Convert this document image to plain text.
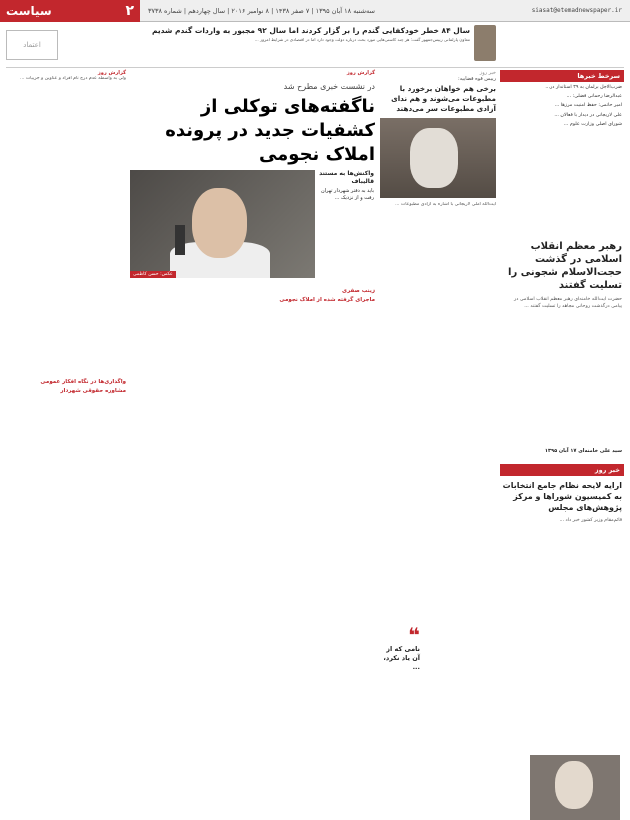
siasat@etemadnewspaper.ir
سه‌شنبه ۱۸ آبان ۱۳۹۵ | ۷ صفر ۱۴۳۸ | ۸ نوامبر ۲۰۱۶ | سال چهاردهم | شماره ۳۷۳۸
۲
سیاست
سال ۸۴ خطر خودکفایی گندم را بر گزار کردند اما سال ۹۲ مجبور به واردات گندم شدیم
معاون پارلمانی رییس‌جمهور گفت: هر چند کاستی‌هایی مورد بحث درباره دولت وجود دارد اما در اقتصادی در شرایط امروز ...
اعتماد
سرخط خبرها

ضرب‌الاجل برلمان به ۳۹ استاندار در...

عبدالرضا رحمانی فضلی: ...

امیر حاتمی: حفظ امنیت مرزها ...

علی لاریجانی در دیدار با فعالان ...

شورای اصلی وزارت علوم ...

رهبر معظم انقلاب اسلامی در گذشت حجت‌الاسلام شجونی را تسلیت گفتند
حضرت آیت‌الله خامنه‌ای رهبر معظم انقلاب اسلامی در پیامی درگذشت روحانی مجاهد را تسلیت گفتند ...
سید علی خامنه‌ای ۱۷ آبان ۱۳۹۵
خبر روز
ارایه لایحه نظام جامع انتخابات به کمیسیون شوراها و مرکز پژوهش‌های مجلس
قائم‌مقام وزیر کشور خبر داد ...
خبر روز
رییس قوه قضاییه:
برخی هم خواهان برخورد با مطبوعات می‌شوند و هم ندای آزادی مطبوعات سر می‌دهند
آیت‌الله آملی لاریجانی با اشاره به آزادی مطبوعات ...
گزارش روز
در نشست خبری مطرح شد
ناگفته‌های توکلی از کشفیات جدید در پرونده املاک نجومی
عکس: حسن کاظمی
واکنش‌ها به مستند قالیباف
باید به دفتر شهردار تهران رفت و از نزدیک ...
زینب صفری
ماجرای گرفته شده از املاک نجومی
گزارش روز
ولی به واسطه عدم درج نام افراد و عناوین و جزییات ...
واگذاری‌ها در نگاه افکار عمومی
مشاوره حقوقی شهردار
❝
نامی که از آن یاد نکرد، ...
